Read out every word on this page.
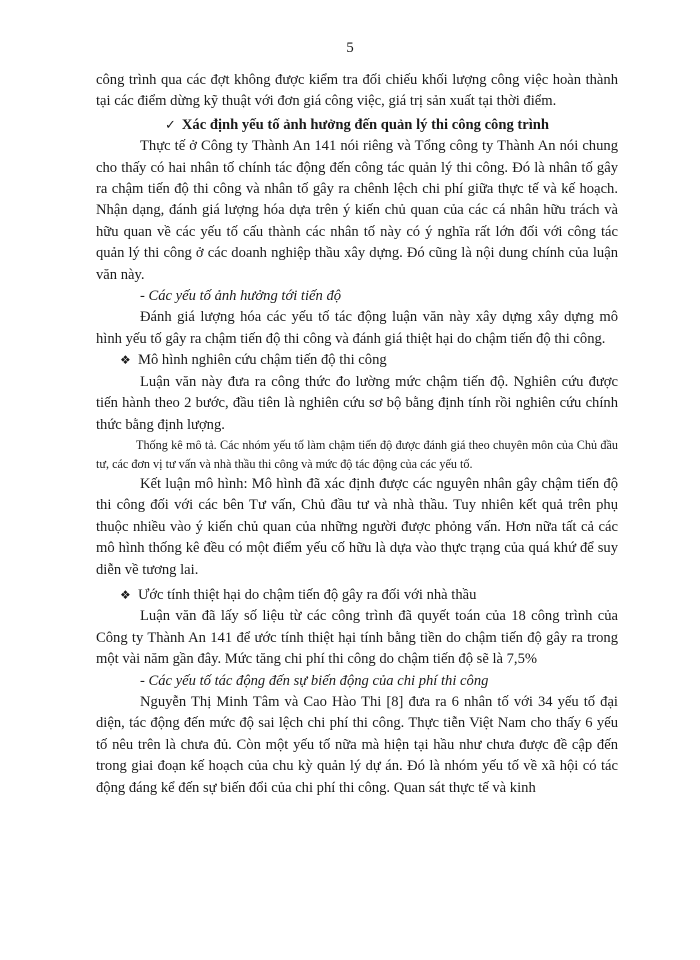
5

công trình qua các đợt không được kiểm tra đối chiếu khối lượng công việc hoàn thành tại các điểm dừng kỹ thuật với đơn giá công việc, giá trị sản xuất tại thời điểm.

✓ Xác định yếu tố ảnh hưởng đến quản lý thi công công trình

Thực tế ở Công ty Thành An 141 nói riêng và Tổng công ty Thành An nói chung cho thấy có hai nhân tố chính tác động đến công tác quản lý thi công. Đó là nhân tố gây ra chậm tiến độ thi công và nhân tố gây ra chênh lệch chi phí giữa thực tế và kế hoạch. Nhận dạng, đánh giá lượng hóa dựa trên ý kiến chủ quan của các cá nhân hữu trách và hữu quan về các yếu tố cấu thành các nhân tố này có ý nghĩa rất lớn đối với công tác quản lý thi công ở các doanh nghiệp thầu xây dựng. Đó cũng là nội dung chính của luận văn này.

- Các yếu tố ảnh hưởng tới tiến độ

Đánh giá lượng hóa các yếu tố tác động luận văn này xây dựng xây dựng mô hình yếu tố gây ra chậm tiến độ thi công và đánh giá thiệt hại do chậm tiến độ thi công.

❖ Mô hình nghiên cứu chậm tiến độ thi công

Luận văn này đưa ra công thức đo lường mức chậm tiến độ. Nghiên cứu được tiến hành theo 2 bước, đầu tiên là nghiên cứu sơ bộ bằng định tính rồi nghiên cứu chính thức bằng định lượng.

Thống kê mô tả. Các nhóm yếu tố làm chậm tiến độ được đánh giá theo chuyên môn của Chủ đầu tư, các đơn vị tư vấn và nhà thầu thi công và mức độ tác động của các yếu tố.

Kết luận mô hình: Mô hình đã xác định được các nguyên nhân gây chậm tiến độ thi công đối với các bên Tư vấn, Chủ đầu tư và nhà thầu. Tuy nhiên kết quả trên phụ thuộc nhiều vào ý kiến chủ quan của những người được phỏng vấn. Hơn nữa tất cả các mô hình thống kê đều có một điểm yếu cố hữu là dựa vào thực trạng của quá khứ để suy diễn về tương lai.

❖ Ước tính thiệt hại do chậm tiến độ gây ra đối với nhà thầu

Luận văn đã lấy số liệu từ các công trình đã quyết toán của 18 công trình của Công ty Thành An 141 để ước tính thiệt hại tính bằng tiền do chậm tiến độ gây ra trong một vài năm gần đây. Mức tăng chi phí thi công do chậm tiến độ sẽ là 7,5%

- Các yếu tố tác động đến sự biến động của chi phí thi công

Nguyễn Thị Minh Tâm và Cao Hào Thi [8] đưa ra 6 nhân tố với 34 yếu tố đại diện, tác động đến mức độ sai lệch chi phí thi công. Thực tiễn Việt Nam cho thấy 6 yếu tố nêu trên là chưa đủ. Còn một yếu tố nữa mà hiện tại hầu như chưa được đề cập đến trong giai đoạn kế hoạch của chu kỳ quản lý dự án. Đó là nhóm yếu tố về xã hội có tác động đáng kể đến sự biến đổi của chi phí thi công. Quan sát thực tế và kinh
